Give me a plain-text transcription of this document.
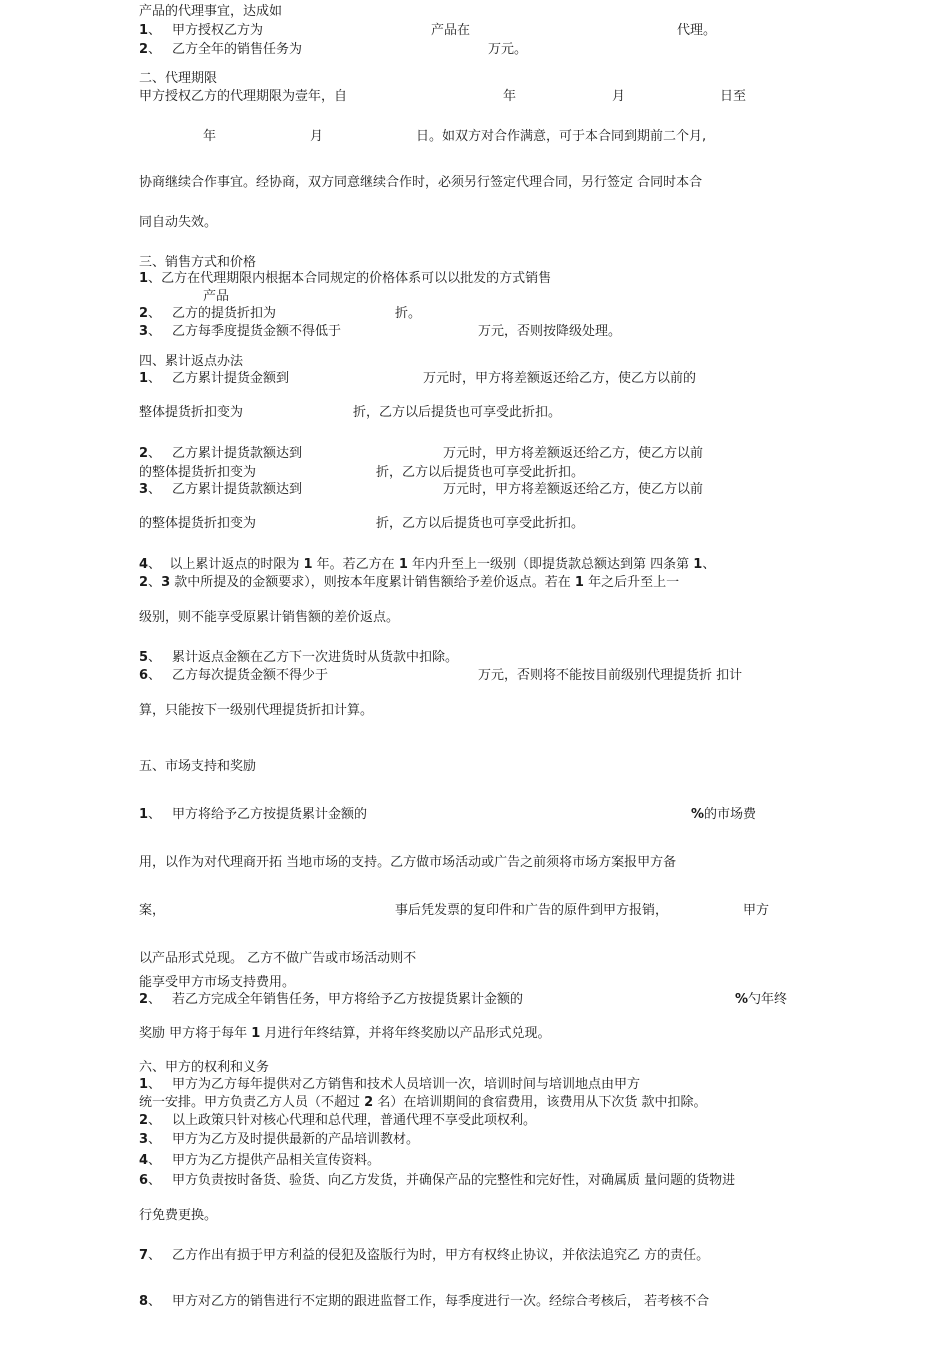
产品的代理事宜，达成如
1、 甲方授权乙方为	产品在	代理。
2、 乙方全年的销售任务为	万元。
二、代理期限
甲方授权乙方的代理期限为壹年，自	年	月	日至
年	月	日。如双方对合作满意，可于本合同到期前二个月,
协商继续合作事宜。经协商，双方同意继续合作时，必须另行签定代理合同，另行签定 合同时本合
同自动失效。
三、销售方式和价格
1、乙方在代理期限内根据本合同规定的价格体系可以以批发的方式销售
产品
2、 乙方的提货折扣为	折。
3、 乙方每季度提货金额不得低于	万元，否则按降级处理。
四、累计返点办法
1、 乙方累计提货金额到	万元时，甲方将差额返还给乙方，使乙方以前的
整体提货折扣变为	折，乙方以后提货也可享受此折扣。
2、 乙方累计提货款额达到	万元时，甲方将差额返还给乙方，使乙方以前
的整体提货折扣变为	折，乙方以后提货也可享受此折扣。
3、 乙方累计提货款额达到	万元时，甲方将差额返还给乙方，使乙方以前
的整体提货折扣变为	折，乙方以后提货也可享受此折扣。
4、 以上累计返点的时限为 1 年。若乙方在 1 年内升至上一级别（即提货款总额达到第 四条第 1、
2、3 款中所提及的金额要求），则按本年度累计销售额给予差价返点。若在 1 年之后升至上一
级别，则不能享受原累计销售额的差价返点。
5、 累计返点金额在乙方下一次进货时从货款中扣除。
6、 乙方每次提货金额不得少于	万元，否则将不能按目前级别代理提货折 扣计
算，只能按下一级别代理提货折扣计算。
五、市场支持和奖励
1、 甲方将给予乙方按提货累计金额的	%的市场费
用，以作为对代理商开拓 当地市场的支持。乙方做市场活动或广告之前须将市场方案报甲方备
案，	事后凭发票的复印件和广告的原件到甲方报销，	甲方
以产品形式兑现。 乙方不做广告或市场活动则不
能享受甲方市场支持费用。
2、 若乙方完成全年销售任务，甲方将给予乙方按提货累计金额的	%勺年终
奖励 甲方将于每年 1 月进行年终结算，并将年终奖励以产品形式兑现。
六、甲方的权利和义务
1、 甲方为乙方每年提供对乙方销售和技术人员培训一次，培训时间与培训地点由甲方
统一安排。甲方负责乙方人员（不超过 2 名）在培训期间的食宿费用，该费用从下次货 款中扣除。
2、 以上政策只针对核心代理和总代理，普通代理不享受此项权利。
3、 甲方为乙方及时提供最新的产品培训教材。
4、 甲方为乙方提供产品相关宣传资料。
6、 甲方负责按时备货、验货、向乙方发货，并确保产品的完整性和完好性，对确属质 量问题的货物进
行免费更换。
7、 乙方作出有损于甲方利益的侵犯及盗版行为时，甲方有权终止协议，并依法追究乙 方的责任。
8、 甲方对乙方的销售进行不定期的跟进监督工作，每季度进行一次。经综合考核后， 若考核不合
